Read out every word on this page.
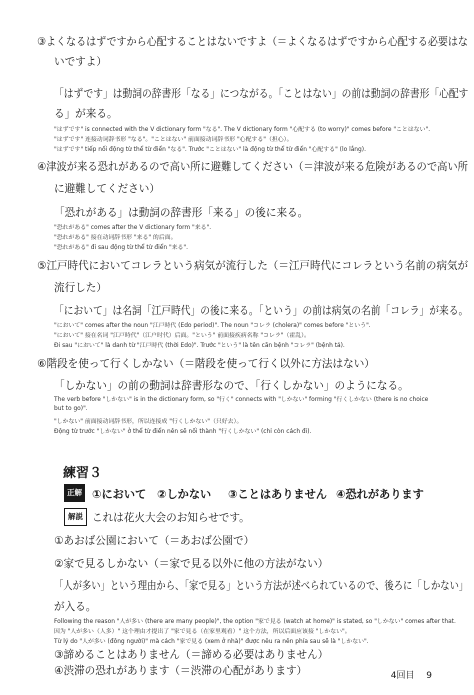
③よくなるはずですから心配することはないですよ（＝よくなるはずですから心配する必要はな
いですよ）
「はずです」は動詞の辞書形「なる」につながる。「ことはない」の前は動詞の辞書形「心配す
る」が来る。
"はずです" is connected with the V dictionary form "なる". The V dictionary form "心配する (to worry)" comes before "ことはない".
"はずです" 连接动词辞书形 "なる"。"ことはない" 前面接动词辞书形 "心配する"（担心）。
"はずです" tiếp nối động từ thể từ điển "なる". Trước "ことはない" là động từ thể từ điển "心配する" (lo lắng).
④津波が来る恐れがあるので高い所に避難してください（＝津波が来る危険があるので高い所
に避難してください）
「恐れがある」は動詞の辞書形「来る」の後に来る。
"恐れがある" comes after the V dictionary form "来る".
"恐れがある" 接在动词辞书形 "来る" 的后面。
"恐れがある" đi sau động từ thể từ điển "来る".
⑤江戸時代においてコレラという病気が流行した（＝江戸時代にコレラという名前の病気が
流行した）
「において」は名詞「江戸時代」の後に来る。「という」の前は病気の名前「コレラ」が来る。
"において" comes after the noun "江戸時代 (Edo period)". The noun "コレラ (cholera)" comes before "という".
"において" 接在名词 "江戸時代"（江户时代）后面。"という" 前面接疾病名称 "コレラ"（霍乱）。
Đi sau "において" là danh từ "江戸時代 (thời Edo)". Trước "という" là tên căn bệnh "コレラ" (bệnh tả).
⑥階段を使って行くしかない（＝階段を使って行く以外に方法はない）
「しかない」の前の動詞は辞書形なので、「行くしかない」のようになる。
The verb before "しかない" is in the dictionary form, so "行く" connects with "しかない" forming "行くしかない (there is no choice but to go)".
"しかない" 前面接动词辞书形，所以连接成 "行くしかない"（只好去）。
Động từ trước "しかない" ở thể từ điển nên sẽ nối thành "行くしかない" (chỉ còn cách đi).
練習３
正解 ①において ②しかない ③ことはありません ④恐れがあります
解説 これは花火大会のお知らせです。
①あおば公園において（＝あおば公園で）
②家で見るしかない（＝家で見る以外に他の方法がない）
「人が多い」という理由から、「家で見る」という方法が述べられているので、後ろに「しかない」
が入る。
Following the reason "人が多い (there are many people)", the option "家で見る (watch at home)" is stated, so "しかない" comes after that.
因为 "人が多い（人多）" 这个理由才提出了 "家で見る（在家里观看）" 这个方法，所以后面应该接 "しかない"。
Từ lý do "人が多い (đông người)" mà cách "家で見る (xem ở nhà)" được nêu ra nên phía sau sẽ là "しかない".
③諦めることはありません（＝諦める必要はありません）
④渋滞の恐れがあります（＝渋滞の心配があります）	4回目 9
